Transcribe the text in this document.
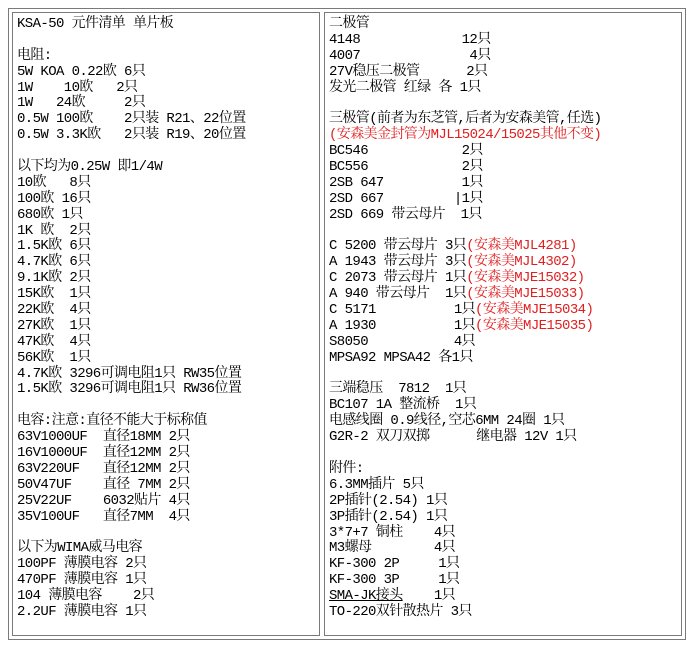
KSA-50 元件清单 单片板
电阻:
5W KOA 0.22欧 6只
1W    10欧   2只
1W   24欧     2只
0.5W 100欧    2只装 R21、22位置
0.5W 3.3K欧   2只装 R19、20位置
以下均为0.25W 即1/4W
10欧   8只
100欧 16只
680欧 1只
1K 欧  2只
1.5K欧 6只
4.7K欧 6只
9.1K欧 2只
15K欧  1只
22K欧  4只
27K欧  1只
47K欧  4只
56K欧  1只
4.7K欧 3296可调电阻1只 RW35位置
1.5K欧 3296可调电阻1只 RW36位置
电容:注意:直径不能大于标称值
63V1000UF  直径18MM 2只
16V1000UF  直径12MM 2只
63V220UF   直径12MM 2只
50V47UF    直径 7MM 2只
25V22UF    6032贴片 4只
35V100UF   直径7MM  4只
以下为WIMA威马电容
100PF 薄膜电容 2只
470PF 薄膜电容 1只
104 薄膜电容    2只
2.2UF 薄膜电容 1只
二极管
4148             12只
4007              4只
27V稳压二极管      2只
发光二极管 红绿 各 1只
三极管(前者为东芝管,后者为安森美管,任选)
(安森美金封管为MJL15024/15025其他不变)
BC546            2只
BC556            2只
2SB 647          1只
2SD 667         |1只
2SD 669 带云母片  1只
C 5200 带云母片 3只(安森美MJL4281)
A 1943 带云母片 3只(安森美MJL4302)
C 2073 带云母片 1只(安森美MJE15032)
A 940 带云母片  1只(安森美MJE15033)
C 5171          1只(安森美MJE15034)
A 1930          1只(安森美MJE15035)
S8050           4只
MPSA92 MPSA42 各1只
三端稳压  7812  1只
BC107 1A 整流桥  1只
电感线圈 0.9线径,空芯6MM 24圈 1只
G2R-2 双刀双掷      继电器 12V 1只
附件:
6.3MM插片 5只
2P插针(2.54) 1只
3P插针(2.54) 1只
3*7+7 铜柱    4只
M3螺母        4只
KF-300 2P     1只
KF-300 3P     1只
SMA-JK接头    1只
TO-220双针散热片 3只
